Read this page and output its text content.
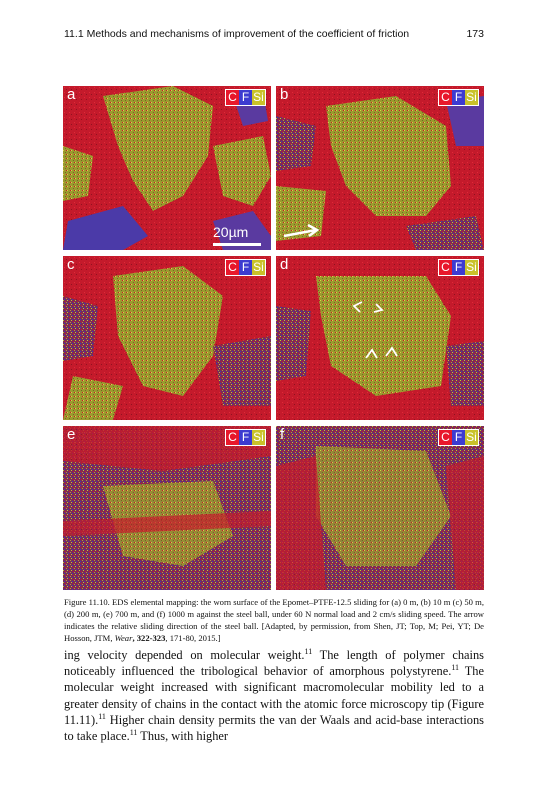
11.1 Methods and mechanisms of improvement of the coefficient of friction	173
a	C F Si
20µm
b	C F Si
c	C F Si d	C F Si
e	C F Si f	C F Si
Figure 11.10. EDS elemental mapping: the worn surface of the Epomet–PTFE-12.5 sliding for (a) 0 m, (b) 10 m (c) 50 m, (d) 200 m, (e) 700 m, and (f) 1000 m against the steel ball, under 60 N normal load and 2 cm/s sliding speed. The arrow indicates the relative sliding direction of the steel ball. [Adapted, by permission, from Shen, JT; Top, M; Pei, YT; De Hosson, JTM, Wear, 322-323, 171-80, 2015.]
ing velocity depended on molecular weight.$^{11}$ The length of polymer chains noticeably influenced the tribological behavior of amorphous polystyrene.$^{11}$ The molecular weight increased with significant macromolecular mobility led to a greater density of chains in the contact with the atomic force microscopy tip (Figure 11.11).$^{11}$ Higher chain density permits the van der Waals and acid-base interactions to take place.$^{11}$ Thus, with higher
